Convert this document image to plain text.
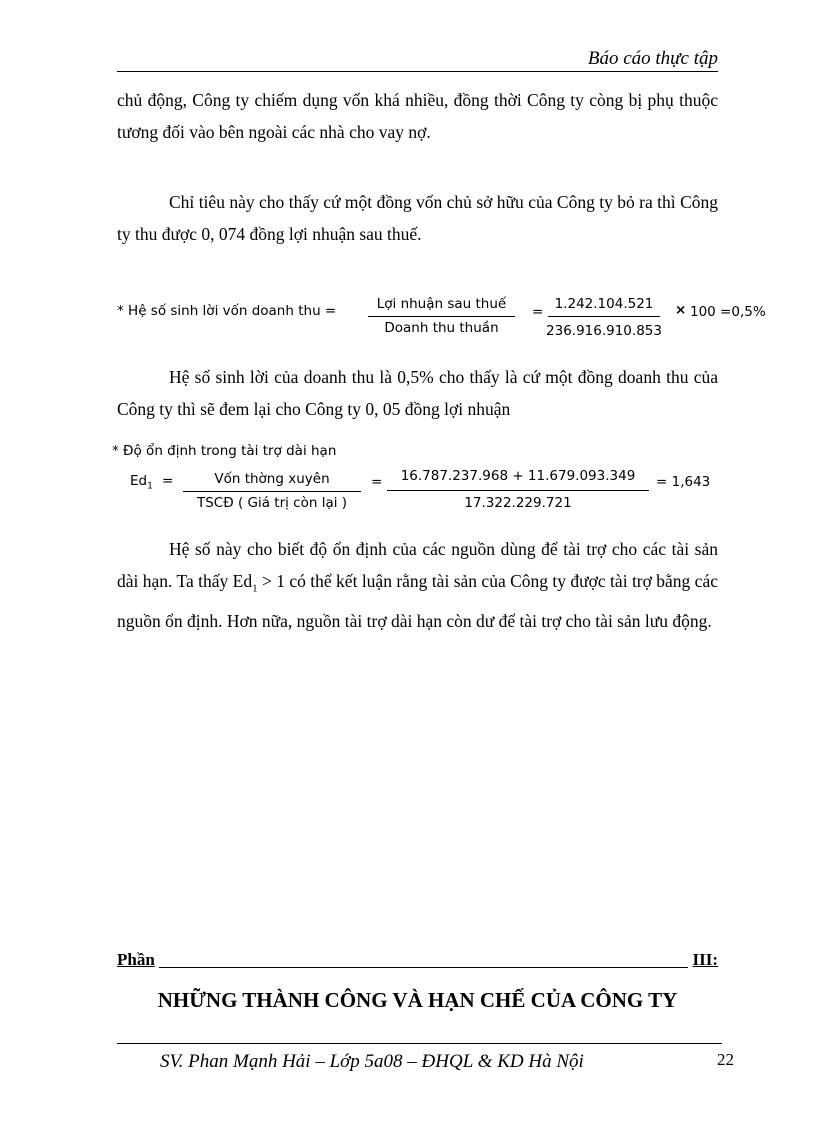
Báo cáo thực tập
chủ động, Công ty chiếm dụng vốn khá nhiều, đồng thời Công ty còng bị phụ thuộc tương đối vào bên ngoài các nhà cho vay nợ.
Chỉ tiêu này cho thấy cứ một đồng vốn chủ sở hữu của Công ty bỏ ra thì Công ty thu được 0, 074 đồng lợi nhuận sau thuế.
* Hệ số sinh lời vốn doanh thu =	Lợi nhuận sau thuế
Doanh thu thuần
= 1.242.104.521
236.916.910.853
× 100 =0,5%
Hệ số sinh lời của doanh thu là 0,5% cho thấy là cứ một đồng doanh thu của Công ty thì sẽ đem lại cho Công ty 0, 05 đồng lợi nhuận
* Độ ổn định trong tài trợ dài hạn
$Ed_1$ =	Vốn thờng xuyên
TSCĐ ( Giá trị còn lại )
=	16.787.237.968 + 11.679.093.349
17.322.229.721
= 1,643
Hệ số này cho biết độ ổn định của các nguồn dùng để tài trợ cho các tài sản dài hạn. Ta thấy $Ed_1 > 1$ có thể kết luận rằng tài sản của Công ty được tài trợ bằng các nguồn ổn định. Hơn nữa, nguồn tài trợ dài hạn còn dư để tài trợ cho tài sản lưu động.
Phần	III:
NHỮNG THÀNH CÔNG VÀ HẠN CHẾ CỦA CÔNG TY
SV. Phan Mạnh Hải – Lớp 5a08 – ĐHQL & KD Hà Nội	22
